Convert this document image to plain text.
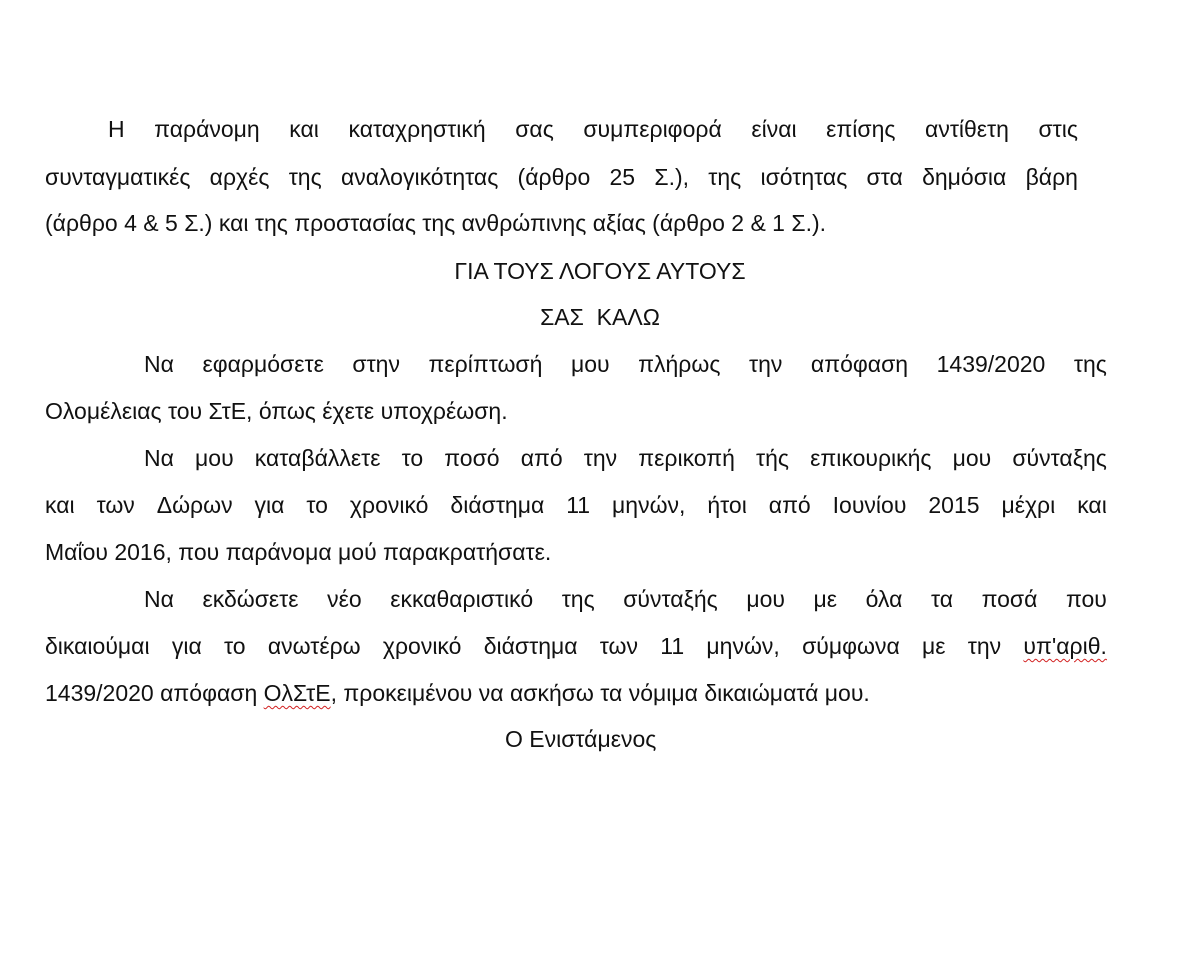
Η παράνομη και καταχρηστική σας συμπεριφορά είναι επίσης αντίθετη στις
συνταγματικές αρχές της αναλογικότητας (άρθρο 25 Σ.), της ισότητας στα δημόσια βάρη
(άρθρο 4 & 5 Σ.) και της προστασίας της ανθρώπινης αξίας (άρθρο 2 & 1 Σ.).
ΓΙΑ ΤΟΥΣ ΛΟΓΟΥΣ ΑΥΤΟΥΣ
ΣΑΣ  ΚΑΛΩ
Να εφαρμόσετε στην περίπτωσή μου πλήρως την απόφαση 1439/2020 της
Ολομέλειας του ΣτΕ, όπως έχετε υποχρέωση.
Να μου καταβάλλετε το ποσό από την περικοπή τής επικουρικής μου σύνταξης
και των Δώρων για το χρονικό διάστημα 11 μηνών, ήτοι από Ιουνίου 2015 μέχρι και
Μαΐου 2016, που παράνομα μού παρακρατήσατε.
Να εκδώσετε νέο εκκαθαριστικό της σύνταξής μου με όλα τα ποσά που
δικαιούμαι για το ανωτέρω χρονικό διάστημα των 11 μηνών, σύμφωνα με την υπ'αριθ.
1439/2020 απόφαση ΟλΣτΕ, προκειμένου να ασκήσω τα νόμιμα δικαιώματά μου.
Ο Ενιστάμενος
